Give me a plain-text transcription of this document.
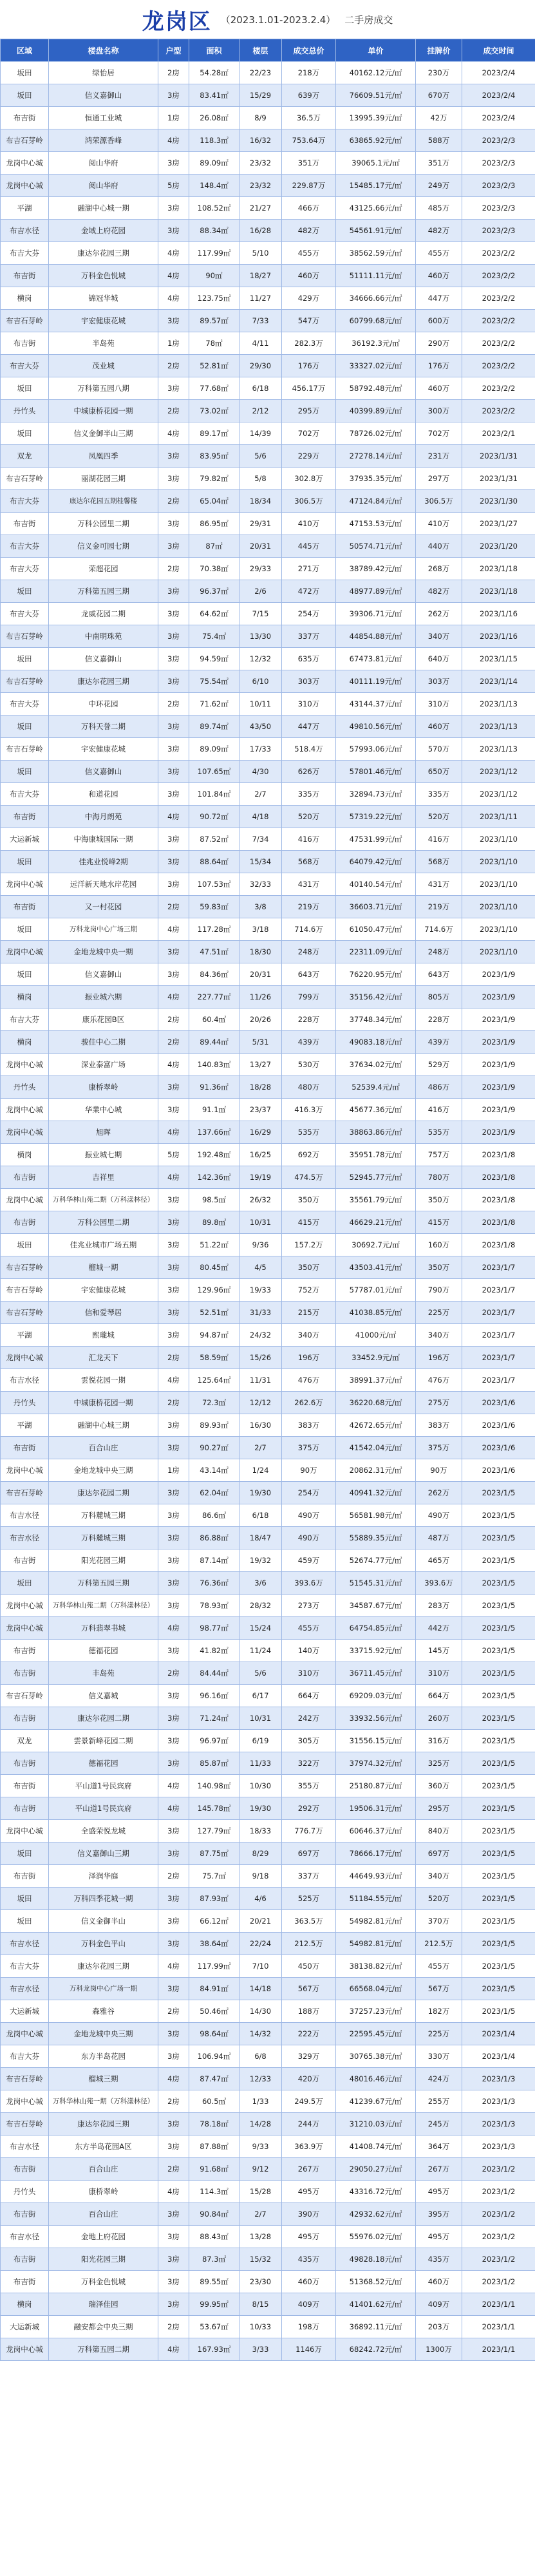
龙岗区 （2023.1.01-2023.2.4） 二手房成交
区域	楼盘名称	户型	面积	楼层	成交总价	单价	挂牌价	成交时间
坂田	绿怡居	2房	54.28㎡	22/23	218万	40162.12元/㎡	230万	2023/2/4
坂田	信义嘉御山	3房	83.41㎡	15/29	639万	76609.51元/㎡	670万	2023/2/4
布吉街	恒通工业城	1房	26.08㎡	8/9	36.5万	13995.39元/㎡	42万	2023/2/4
布吉石芽岭	鸿荣源香峰	4房	118.3㎡	16/32	753.64万	63865.92元/㎡	588万	2023/2/3
龙岗中心城	阅山华府	3房	89.09㎡	23/32	351万	39065.1元/㎡	351万	2023/2/3
龙岗中心城	阅山华府	5房	148.4㎡	23/32	229.87万	15485.17元/㎡	249万	2023/2/3
平湖	融湖中心城一期	3房	108.52㎡	21/27	466万	43125.66元/㎡	485万	2023/2/3
布吉水径	金域上府花园	3房	88.34㎡	16/28	482万	54561.91元/㎡	482万	2023/2/3
布吉大芬	康达尔花园三期	4房	117.99㎡	5/10	455万	38562.59元/㎡	455万	2023/2/2
布吉街	万科金色悦城	4房	90㎡	18/27	460万	51111.11元/㎡	460万	2023/2/2
横岗	锦冠华城	4房	123.75㎡	11/27	429万	34666.66元/㎡	447万	2023/2/2
布吉石芽岭	宇宏健康花城	3房	89.57㎡	7/33	547万	60799.68元/㎡	600万	2023/2/2
布吉街	半岛苑	1房	78㎡	4/11	282.3万	36192.3元/㎡	290万	2023/2/2
布吉大芬	茂业城	2房	52.81㎡	29/30	176万	33327.02元/㎡	176万	2023/2/2
坂田	万科第五园八期	3房	77.68㎡	6/18	456.17万	58792.48元/㎡	460万	2023/2/2
丹竹头	中城康桥花园一期	2房	73.02㎡	2/12	295万	40399.89元/㎡	300万	2023/2/2
坂田	信义金御半山三期	4房	89.17㎡	14/39	702万	78726.02元/㎡	702万	2023/2/1
双龙	凤凰四季	3房	83.95㎡	5/6	229万	27278.14元/㎡	231万	2023/1/31
布吉石芽岭	丽湖花园三期	3房	79.82㎡	5/8	302.8万	37935.35元/㎡	297万	2023/1/31
布吉大芬	康达尔花园五期桂馨楼	2房	65.04㎡	18/34	306.5万	47124.84元/㎡	306.5万	2023/1/30
布吉街	万科公园里二期	3房	86.95㎡	29/31	410万	47153.53元/㎡	410万	2023/1/27
布吉大芬	信义金可园七期	3房	87㎡	20/31	445万	50574.71元/㎡	440万	2023/1/20
布吉大芬	荣超花园	2房	70.38㎡	29/33	271万	38789.42元/㎡	268万	2023/1/18
坂田	万科第五园三期	3房	96.37㎡	2/6	472万	48977.89元/㎡	482万	2023/1/18
布吉大芬	龙威花园二期	3房	64.62㎡	7/15	254万	39306.71元/㎡	262万	2023/1/16
布吉石芽岭	中南明珠苑	3房	75.4㎡	13/30	337万	44854.88元/㎡	340万	2023/1/16
坂田	信义嘉御山	3房	94.59㎡	12/32	635万	67473.81元/㎡	640万	2023/1/15
布吉石芽岭	康达尔花园三期	3房	75.54㎡	6/10	303万	40111.19元/㎡	303万	2023/1/14
布吉大芬	中环花园	2房	71.62㎡	10/11	310万	43144.37元/㎡	310万	2023/1/13
坂田	万科天誉二期	3房	89.74㎡	43/50	447万	49810.56元/㎡	460万	2023/1/13
布吉石芽岭	宇宏健康花城	3房	89.09㎡	17/33	518.4万	57993.06元/㎡	570万	2023/1/13
坂田	信义嘉御山	3房	107.65㎡	4/30	626万	57801.46元/㎡	650万	2023/1/12
布吉大芬	和道花园	3房	101.84㎡	2/7	335万	32894.73元/㎡	335万	2023/1/12
布吉街	中海月朗苑	4房	90.72㎡	4/18	520万	57319.22元/㎡	520万	2023/1/11
大运新城	中海康城国际一期	3房	87.52㎡	7/34	416万	47531.99元/㎡	416万	2023/1/10
坂田	佳兆业悦峰2期	3房	88.64㎡	15/34	568万	64079.42元/㎡	568万	2023/1/10
龙岗中心城	远洋新天地水岸花园	3房	107.53㎡	32/33	431万	40140.54元/㎡	431万	2023/1/10
布吉街	又一村花园	2房	59.83㎡	3/8	219万	36603.71元/㎡	219万	2023/1/10
坂田	万科龙岗中心广场三期	4房	117.28㎡	3/18	714.6万	61050.47元/㎡	714.6万	2023/1/10
龙岗中心城	金地龙城中央一期	3房	47.51㎡	18/30	248万	22311.09元/㎡	248万	2023/1/10
坂田	信义嘉御山	3房	84.36㎡	20/31	643万	76220.95元/㎡	643万	2023/1/9
横岗	振业城六期	4房	227.77㎡	11/26	799万	35156.42元/㎡	805万	2023/1/9
布吉大芬	康乐花园B区	2房	60.4㎡	20/26	228万	37748.34元/㎡	228万	2023/1/9
横岗	骏佳中心二期	2房	89.44㎡	5/31	439万	49083.18元/㎡	439万	2023/1/9
龙岗中心城	深业泰富广场	4房	140.83㎡	13/27	530万	37634.02元/㎡	529万	2023/1/9
丹竹头	康桥翠岭	3房	91.36㎡	18/28	480万	52539.4元/㎡	486万	2023/1/9
龙岗中心城	华業中心城	3房	91.1㎡	23/37	416.3万	45677.36元/㎡	416万	2023/1/9
龙岗中心城	旭晖	4房	137.66㎡	16/29	535万	38863.86元/㎡	535万	2023/1/9
横岗	振业城七期	5房	192.48㎡	16/25	692万	35951.78元/㎡	757万	2023/1/8
布吉街	吉祥里	4房	142.36㎡	19/19	474.5万	52945.77元/㎡	780万	2023/1/8
龙岗中心城	万科华林山苑二期（万科漾林径）	3房	98.5㎡	26/32	350万	35561.79元/㎡	350万	2023/1/8
布吉街	万科公园里二期	3房	89.8㎡	10/31	415万	46629.21元/㎡	415万	2023/1/8
坂田	佳兆业城市广场五期	3房	51.22㎡	9/36	157.2万	30692.7元/㎡	160万	2023/1/8
布吉石芽岭	榴城一期	3房	80.45㎡	4/5	350万	43503.41元/㎡	350万	2023/1/7
布吉石芽岭	宇宏健康花城	3房	129.96㎡	19/33	752万	57787.01元/㎡	790万	2023/1/7
布吉石芽岭	信和爱琴居	3房	52.51㎡	31/33	215万	41038.85元/㎡	225万	2023/1/7
平湖	熙瓏城	3房	94.87㎡	24/32	340万	41000元/㎡	340万	2023/1/7
龙岗中心城	汇龙天下	2房	58.59㎡	15/26	196万	33452.9元/㎡	196万	2023/1/7
布吉水径	雲悦花园一期	4房	125.64㎡	11/31	476万	38991.37元/㎡	476万	2023/1/7
丹竹头	中城康桥花园一期	2房	72.3㎡	12/12	262.6万	36220.68元/㎡	275万	2023/1/6
平湖	融湖中心城三期	3房	89.93㎡	16/30	383万	42672.65元/㎡	383万	2023/1/6
布吉街	百合山庄	3房	90.27㎡	2/7	375万	41542.04元/㎡	375万	2023/1/6
龙岗中心城	金地龙城中央三期	1房	43.14㎡	1/24	90万	20862.31元/㎡	90万	2023/1/6
布吉石芽岭	康达尔花园二期	3房	62.04㎡	19/30	254万	40941.32元/㎡	262万	2023/1/5
布吉水径	万科麓城三期	3房	86.6㎡	6/18	490万	56581.98元/㎡	490万	2023/1/5
布吉水径	万科麓城三期	3房	86.88㎡	18/47	490万	55889.35元/㎡	487万	2023/1/5
布吉街	阳光花园三期	3房	87.14㎡	19/32	459万	52674.77元/㎡	465万	2023/1/5
坂田	万科第五园三期	3房	76.36㎡	3/6	393.6万	51545.31元/㎡	393.6万	2023/1/5
龙岗中心城	万科华林山苑二期（万科漾林径）	3房	78.93㎡	28/32	273万	34587.67元/㎡	283万	2023/1/5
龙岗中心城	万科翡翠书城	4房	98.77㎡	15/24	455万	64754.85元/㎡	442万	2023/1/5
布吉街	德福花园	3房	41.82㎡	11/24	140万	33715.92元/㎡	145万	2023/1/5
布吉街	丰岛苑	2房	84.44㎡	5/6	310万	36711.45元/㎡	310万	2023/1/5
布吉石芽岭	信义嘉城	3房	96.16㎡	6/17	664万	69209.03元/㎡	664万	2023/1/5
布吉街	康达尔花园二期	3房	71.24㎡	10/31	242万	33932.56元/㎡	260万	2023/1/5
双龙	雲景新峰花园二期	3房	96.97㎡	6/19	305万	31556.15元/㎡	316万	2023/1/5
布吉街	德福花园	3房	85.87㎡	11/33	322万	37974.32元/㎡	325万	2023/1/5
布吉街	平山道1号民宾府	4房	140.98㎡	10/30	355万	25180.87元/㎡	360万	2023/1/5
布吉街	平山道1号民宾府	4房	145.78㎡	19/30	292万	19506.31元/㎡	295万	2023/1/5
龙岗中心城	全盛荣悦龙城	3房	127.79㎡	18/33	776.7万	60646.37元/㎡	840万	2023/1/5
坂田	信义嘉御山三期	3房	87.75㎡	8/29	697万	78666.17元/㎡	697万	2023/1/5
布吉街	泽润华庭	2房	75.7㎡	9/18	337万	44649.93元/㎡	340万	2023/1/5
坂田	万科四季花城一期	3房	87.93㎡	4/6	525万	51184.55元/㎡	520万	2023/1/5
坂田	信义金御半山	3房	66.12㎡	20/21	363.5万	54982.81元/㎡	370万	2023/1/5
布吉水径	万科金色平山	3房	38.64㎡	22/24	212.5万	54982.81元/㎡	212.5万	2023/1/5
布吉大芬	康达尔花园三期	4房	117.99㎡	7/10	450万	38138.82元/㎡	455万	2023/1/5
布吉水径	万科龙岗中心广场一期	3房	84.91㎡	14/18	567万	66568.04元/㎡	567万	2023/1/5
大运新城	森雅谷	2房	50.46㎡	14/30	188万	37257.23元/㎡	182万	2023/1/5
龙岗中心城	金地龙城中央三期	3房	98.64㎡	14/32	222万	22595.45元/㎡	225万	2023/1/4
布吉大芬	东方半岛花园	3房	106.94㎡	6/8	329万	30765.38元/㎡	330万	2023/1/4
布吉石芽岭	榴城三期	4房	87.47㎡	12/33	420万	48016.46元/㎡	424万	2023/1/3
龙岗中心城	万科华林山苑一期（万科漾林径）	2房	60.5㎡	1/33	249.5万	41239.67元/㎡	255万	2023/1/3
布吉石芽岭	康达尔花园三期	3房	78.18㎡	14/28	244万	31210.03元/㎡	245万	2023/1/3
布吉水径	东方半岛花园A区	3房	87.88㎡	9/33	363.9万	41408.74元/㎡	364万	2023/1/3
布吉街	百合山庄	2房	91.68㎡	9/12	267万	29050.27元/㎡	267万	2023/1/2
丹竹头	康桥翠岭	4房	114.3㎡	15/28	495万	43316.72元/㎡	495万	2023/1/2
布吉街	百合山庄	3房	90.84㎡	2/7	390万	42932.62元/㎡	395万	2023/1/2
布吉水径	金地上府花园	3房	88.43㎡	13/28	495万	55976.02元/㎡	495万	2023/1/2
布吉街	阳光花园三期	3房	87.3㎡	15/32	435万	49828.18元/㎡	435万	2023/1/2
布吉街	万科金色悦城	3房	89.55㎡	23/30	460万	51368.52元/㎡	460万	2023/1/2
横岗	瑞泽佳园	3房	99.95㎡	8/15	409万	41401.62元/㎡	409万	2023/1/1
大运新城	融安都会中央三期	2房	53.67㎡	10/33	198万	36892.11元/㎡	203万	2023/1/1
龙岗中心城	万科第五园二期	4房	167.93㎡	3/33	1146万	68242.72元/㎡	1300万	2023/1/1
